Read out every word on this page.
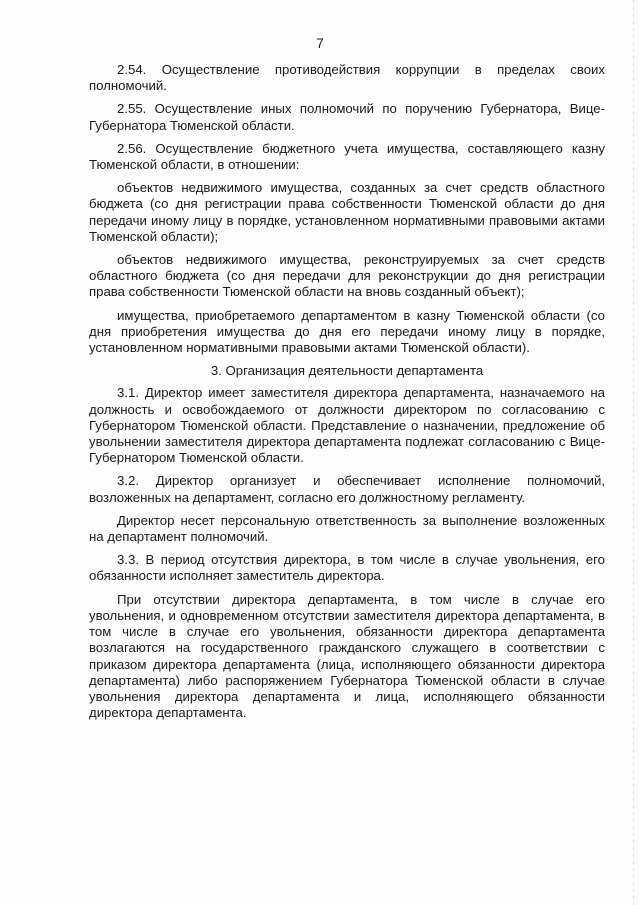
7

2.54. Осуществление противодействия коррупции в пределах своих полномочий.

2.55. Осуществление иных полномочий по поручению Губернатора, Вице-Губернатора Тюменской области.

2.56. Осуществление бюджетного учета имущества, составляющего казну Тюменской области, в отношении:

объектов недвижимого имущества, созданных за счет средств областного бюджета (со дня регистрации права собственности Тюменской области до дня передачи иному лицу в порядке, установленном нормативными правовыми актами Тюменской области);

объектов недвижимого имущества, реконструируемых за счет средств областного бюджета (со дня передачи для реконструкции до дня регистрации права собственности Тюменской области на вновь созданный объект);

имущества, приобретаемого департаментом в казну Тюменской области (со дня приобретения имущества до дня его передачи иному лицу в порядке, установленном нормативными правовыми актами Тюменской области).

3. Организация деятельности департамента

3.1. Директор имеет заместителя директора департамента, назначаемого на должность и освобождаемого от должности директором по согласованию с Губернатором Тюменской области. Представление о назначении, предложение об увольнении заместителя директора департамента подлежат согласованию с Вице-Губернатором Тюменской области.

3.2. Директор организует и обеспечивает исполнение полномочий, возложенных на департамент, согласно его должностному регламенту.

Директор несет персональную ответственность за выполнение возложенных на департамент полномочий.

3.3. В период отсутствия директора, в том числе в случае увольнения, его обязанности исполняет заместитель директора.

При отсутствии директора департамента, в том числе в случае его увольнения, и одновременном отсутствии заместителя директора департамента, в том числе в случае его увольнения, обязанности директора департамента возлагаются на государственного гражданского служащего в соответствии с приказом директора департамента (лица, исполняющего обязанности директора департамента) либо распоряжением Губернатора Тюменской области в случае увольнения директора департамента и лица, исполняющего обязанности директора департамента.
